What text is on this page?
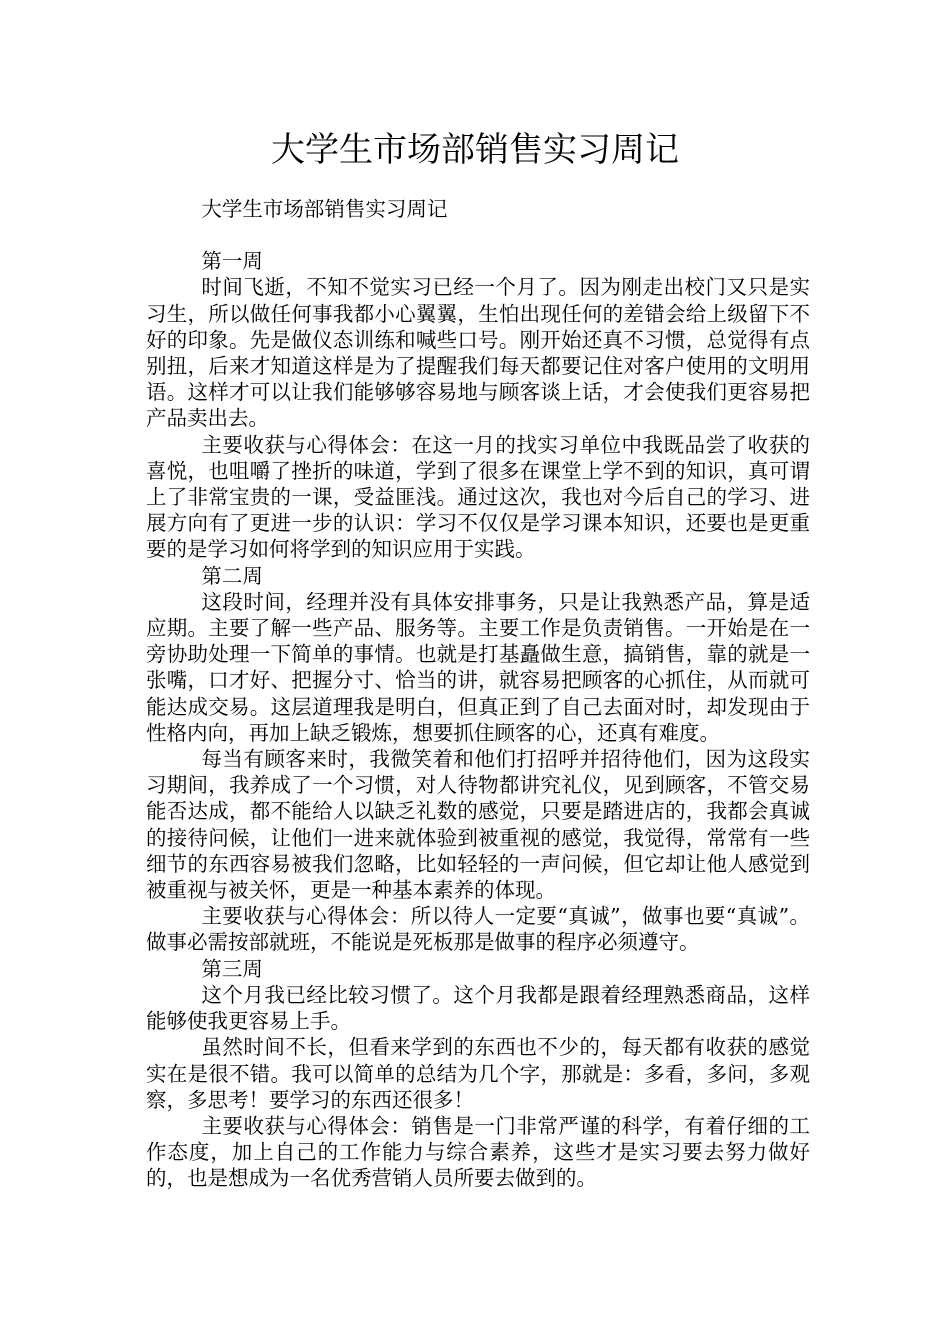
大学生市场部销售实习周记

大学生市场部销售实习周记

第一周

时间飞逝，不知不觉实习已经一个月了。因为刚走出校门又只是实习生，所以做任何事我都小心翼翼，生怕出现任何的差错会给上级留下不好的印象。先是做仪态训练和喊些口号。刚开始还真不习惯，总觉得有点别扭，后来才知道这样是为了提醒我们每天都要记住对客户使用的文明用语。这样才可以让我们能够够容易地与顾客谈上话，才会使我们更容易把产品卖出去。

主要收获与心得体会：在这一月的找实习单位中我既品尝了收获的喜悦，也咀嚼了挫折的味道，学到了很多在课堂上学不到的知识，真可谓上了非常宝贵的一课，受益匪浅。通过这次，我也对今后自己的学习、进展方向有了更进一步的认识：学习不仅仅是学习课本知识，还要也是更重要的是学习如何将学到的知识应用于实践。

第二周

这段时间，经理并没有具体安排事务，只是让我熟悉产品，算是适应期。主要了解一些产品、服务等。主要工作是负责销售。一开始是在一旁协助处理一下简单的事情。也就是打基矗做生意，搞销售，靠的就是一张嘴，口才好、把握分寸、恰当的讲，就容易把顾客的心抓住，从而就可能达成交易。这层道理我是明白，但真正到了自己去面对时，却发现由于性格内向，再加上缺乏锻炼，想要抓住顾客的心，还真有难度。

每当有顾客来时，我微笑着和他们打招呼并招待他们，因为这段实习期间，我养成了一个习惯，对人待物都讲究礼仪，见到顾客，不管交易能否达成，都不能给人以缺乏礼数的感觉，只要是踏进店的，我都会真诚的接待问候，让他们一进来就体验到被重视的感觉，我觉得，常常有一些细节的东西容易被我们忽略，比如轻轻的一声问候，但它却让他人感觉到被重视与被关怀，更是一种基本素养的体现。

主要收获与心得体会：所以待人一定要“真诚”，做事也要“真诚”。做事必需按部就班，不能说是死板那是做事的程序必须遵守。

第三周

这个月我已经比较习惯了。这个月我都是跟着经理熟悉商品，这样能够使我更容易上手。

虽然时间不长，但看来学到的东西也不少的，每天都有收获的感觉实在是很不错。我可以简单的总结为几个字，那就是：多看，多问，多观察，多思考！要学习的东西还很多！

主要收获与心得体会：销售是一门非常严谨的科学，有着仔细的工作态度，加上自己的工作能力与综合素养，这些才是实习要去努力做好的，也是想成为一名优秀营销人员所要去做到的。
